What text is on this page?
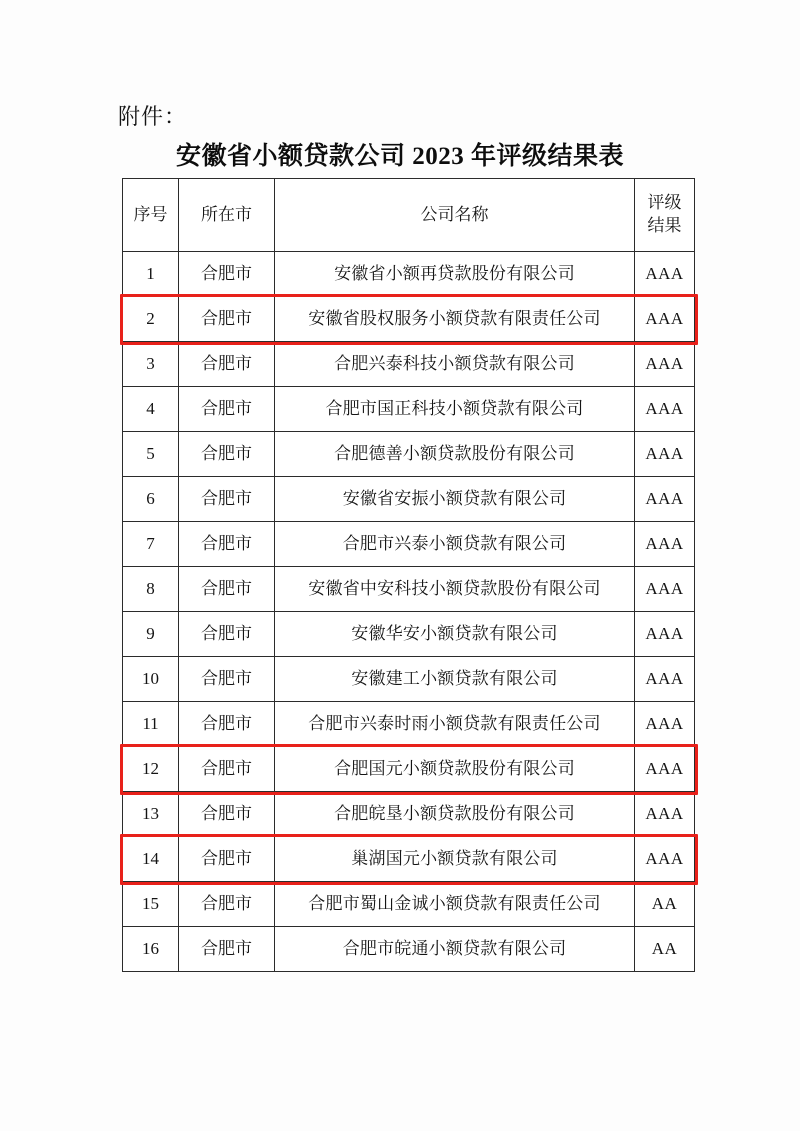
附件：
安徽省小额贷款公司 2023 年评级结果表
序号	所在市	公司名称	评级
结果

1	合肥市	安徽省小额再贷款股份有限公司	AAA
2	合肥市	安徽省股权服务小额贷款有限责任公司	AAA
3	合肥市	合肥兴泰科技小额贷款有限公司	AAA
4	合肥市	合肥市国正科技小额贷款有限公司	AAA
5	合肥市	合肥德善小额贷款股份有限公司	AAA
6	合肥市	安徽省安振小额贷款有限公司	AAA
7	合肥市	合肥市兴泰小额贷款有限公司	AAA
8	合肥市	安徽省中安科技小额贷款股份有限公司	AAA
9	合肥市	安徽华安小额贷款有限公司	AAA
10	合肥市	安徽建工小额贷款有限公司	AAA
11	合肥市	合肥市兴泰时雨小额贷款有限责任公司	AAA
12	合肥市	合肥国元小额贷款股份有限公司	AAA
13	合肥市	合肥皖垦小额贷款股份有限公司	AAA
14	合肥市	巢湖国元小额贷款有限公司	AAA
15	合肥市	合肥市蜀山金诚小额贷款有限责任公司	AA
16	合肥市	合肥市皖通小额贷款有限公司	AA
